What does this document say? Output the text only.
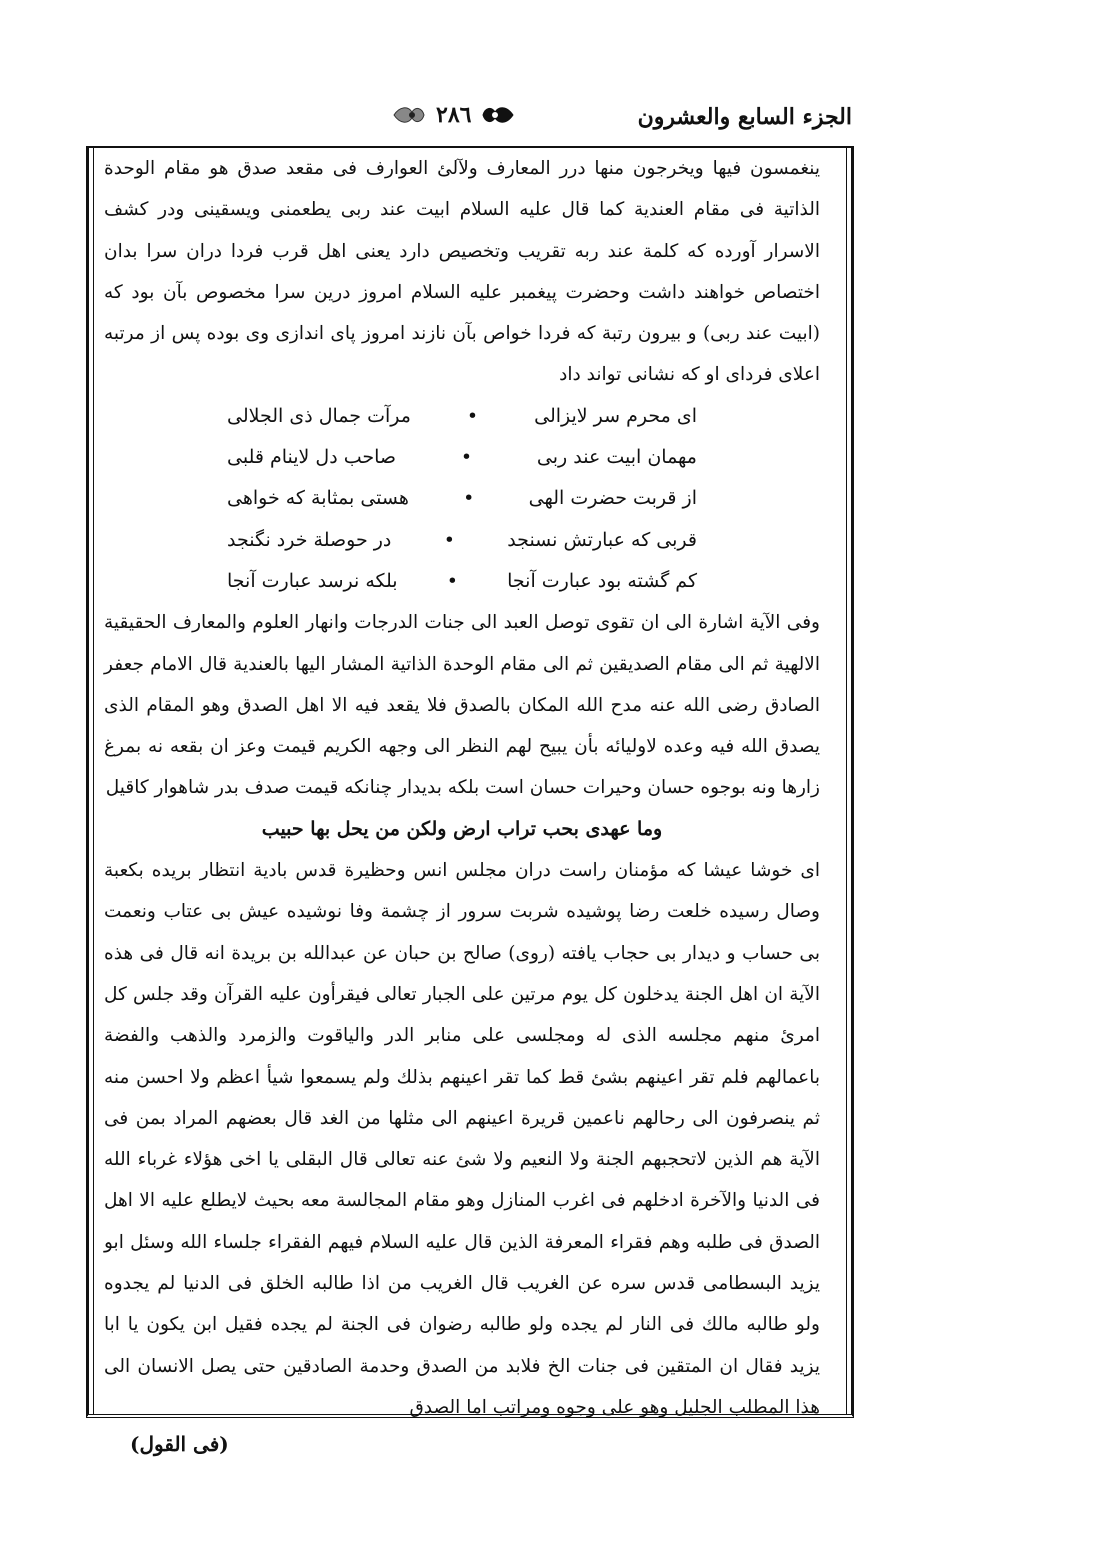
الجزء السابع والعشرون
٢٨٦

ينغمسون فيها ويخرجون منها درر المعارف ولآلئ العوارف فى مقعد صدق هو مقام الوحدة الذاتية فى مقام العندية كما قال عليه السلام ابيت عند ربى يطعمنى ويسقينى ودر كشف الاسرار آورده كه كلمة عند ربه تقريب وتخصيص دارد يعنى اهل قرب فردا دران سرا بدان اختصاص خواهند داشت وحضرت پيغمبر عليه السلام امروز درين سرا مخصوص بآن بود كه (ابيت عند ربى) و بيرون رتبة كه فردا خواص بآن نازند امروز پاى اندازى وى بوده پس از مرتبه اعلاى فرداى او كه نشانى تواند داد

اى محرم سر لايزالى
•
مرآت جمال ذى الجلالى
مهمان ابيت عند ربى
•
صاحب دل لاينام قلبى
از قربت حضرت الهى
•
هستى بمثابة كه خواهى
قربى كه عبارتش نسنجد
•
در حوصلة خرد نگنجد
كم گشته بود عبارت آنجا
•
بلكه نرسد عبارت آنجا

وفى الآية اشارة الى ان تقوى توصل العبد الى جنات الدرجات وانهار العلوم والمعارف الحقيقية الالهية ثم الى مقام الصديقين ثم الى مقام الوحدة الذاتية المشار اليها بالعندية قال الامام جعفر الصادق رضى الله عنه مدح الله المكان بالصدق فلا يقعد فيه الا اهل الصدق وهو المقام الذى يصدق الله فيه وعده لاوليائه بأن يبيح لهم النظر الى وجهه الكريم قيمت وعز ان بقعه نه بمرغ زارها ونه بوجوه حسان وحيرات حسان است بلكه بديدار چنانكه قيمت صدف بدر شاهوار كاقيل

وما عهدى بحب تراب ارض ولكن من يحل بها حبيب

اى خوشا عيشا كه مؤمنان راست دران مجلس انس وحظيرة قدس بادية انتظار بريده بكعبة وصال رسيده خلعت رضا پوشيده شربت سرور از چشمة وفا نوشيده عيش بى عتاب ونعمت بى حساب و ديدار بى حجاب يافته (روى) صالح بن حبان عن عبدالله بن بريدة انه قال فى هذه الآية ان اهل الجنة يدخلون كل يوم مرتين على الجبار تعالى فيقرأون عليه القرآن وقد جلس كل امرئ منهم مجلسه الذى له ومجلسى على منابر الدر والياقوت والزمرد والذهب والفضة باعمالهم فلم تقر اعينهم بشئ قط كما تقر اعينهم بذلك ولم يسمعوا شيأ اعظم ولا احسن منه ثم ينصرفون الى رحالهم ناعمين قريرة اعينهم الى مثلها من الغد قال بعضهم المراد بمن فى الآية هم الذين لاتحجبهم الجنة ولا النعيم ولا شئ عنه تعالى قال البقلى يا اخى هؤلاء غرباء الله فى الدنيا والآخرة ادخلهم فى اغرب المنازل وهو مقام المجالسة معه بحيث لايطلع عليه الا اهل الصدق فى طلبه وهم فقراء المعرفة الذين قال عليه السلام فيهم الفقراء جلساء الله وسئل ابو يزيد البسطامى قدس سره عن الغريب قال الغريب من اذا طالبه الخلق فى الدنيا لم يجدوه ولو طالبه مالك فى النار لم يجده ولو طالبه رضوان فى الجنة لم يجده فقيل ابن يكون يا ابا يزيد فقال ان المتقين فى جنات الخ فلابد من الصدق وحدمة الصادقين حتى يصل الانسان الى هذا المطلب الجليل وهو على وجوه ومراتب اما الصدق

(فى القول)
